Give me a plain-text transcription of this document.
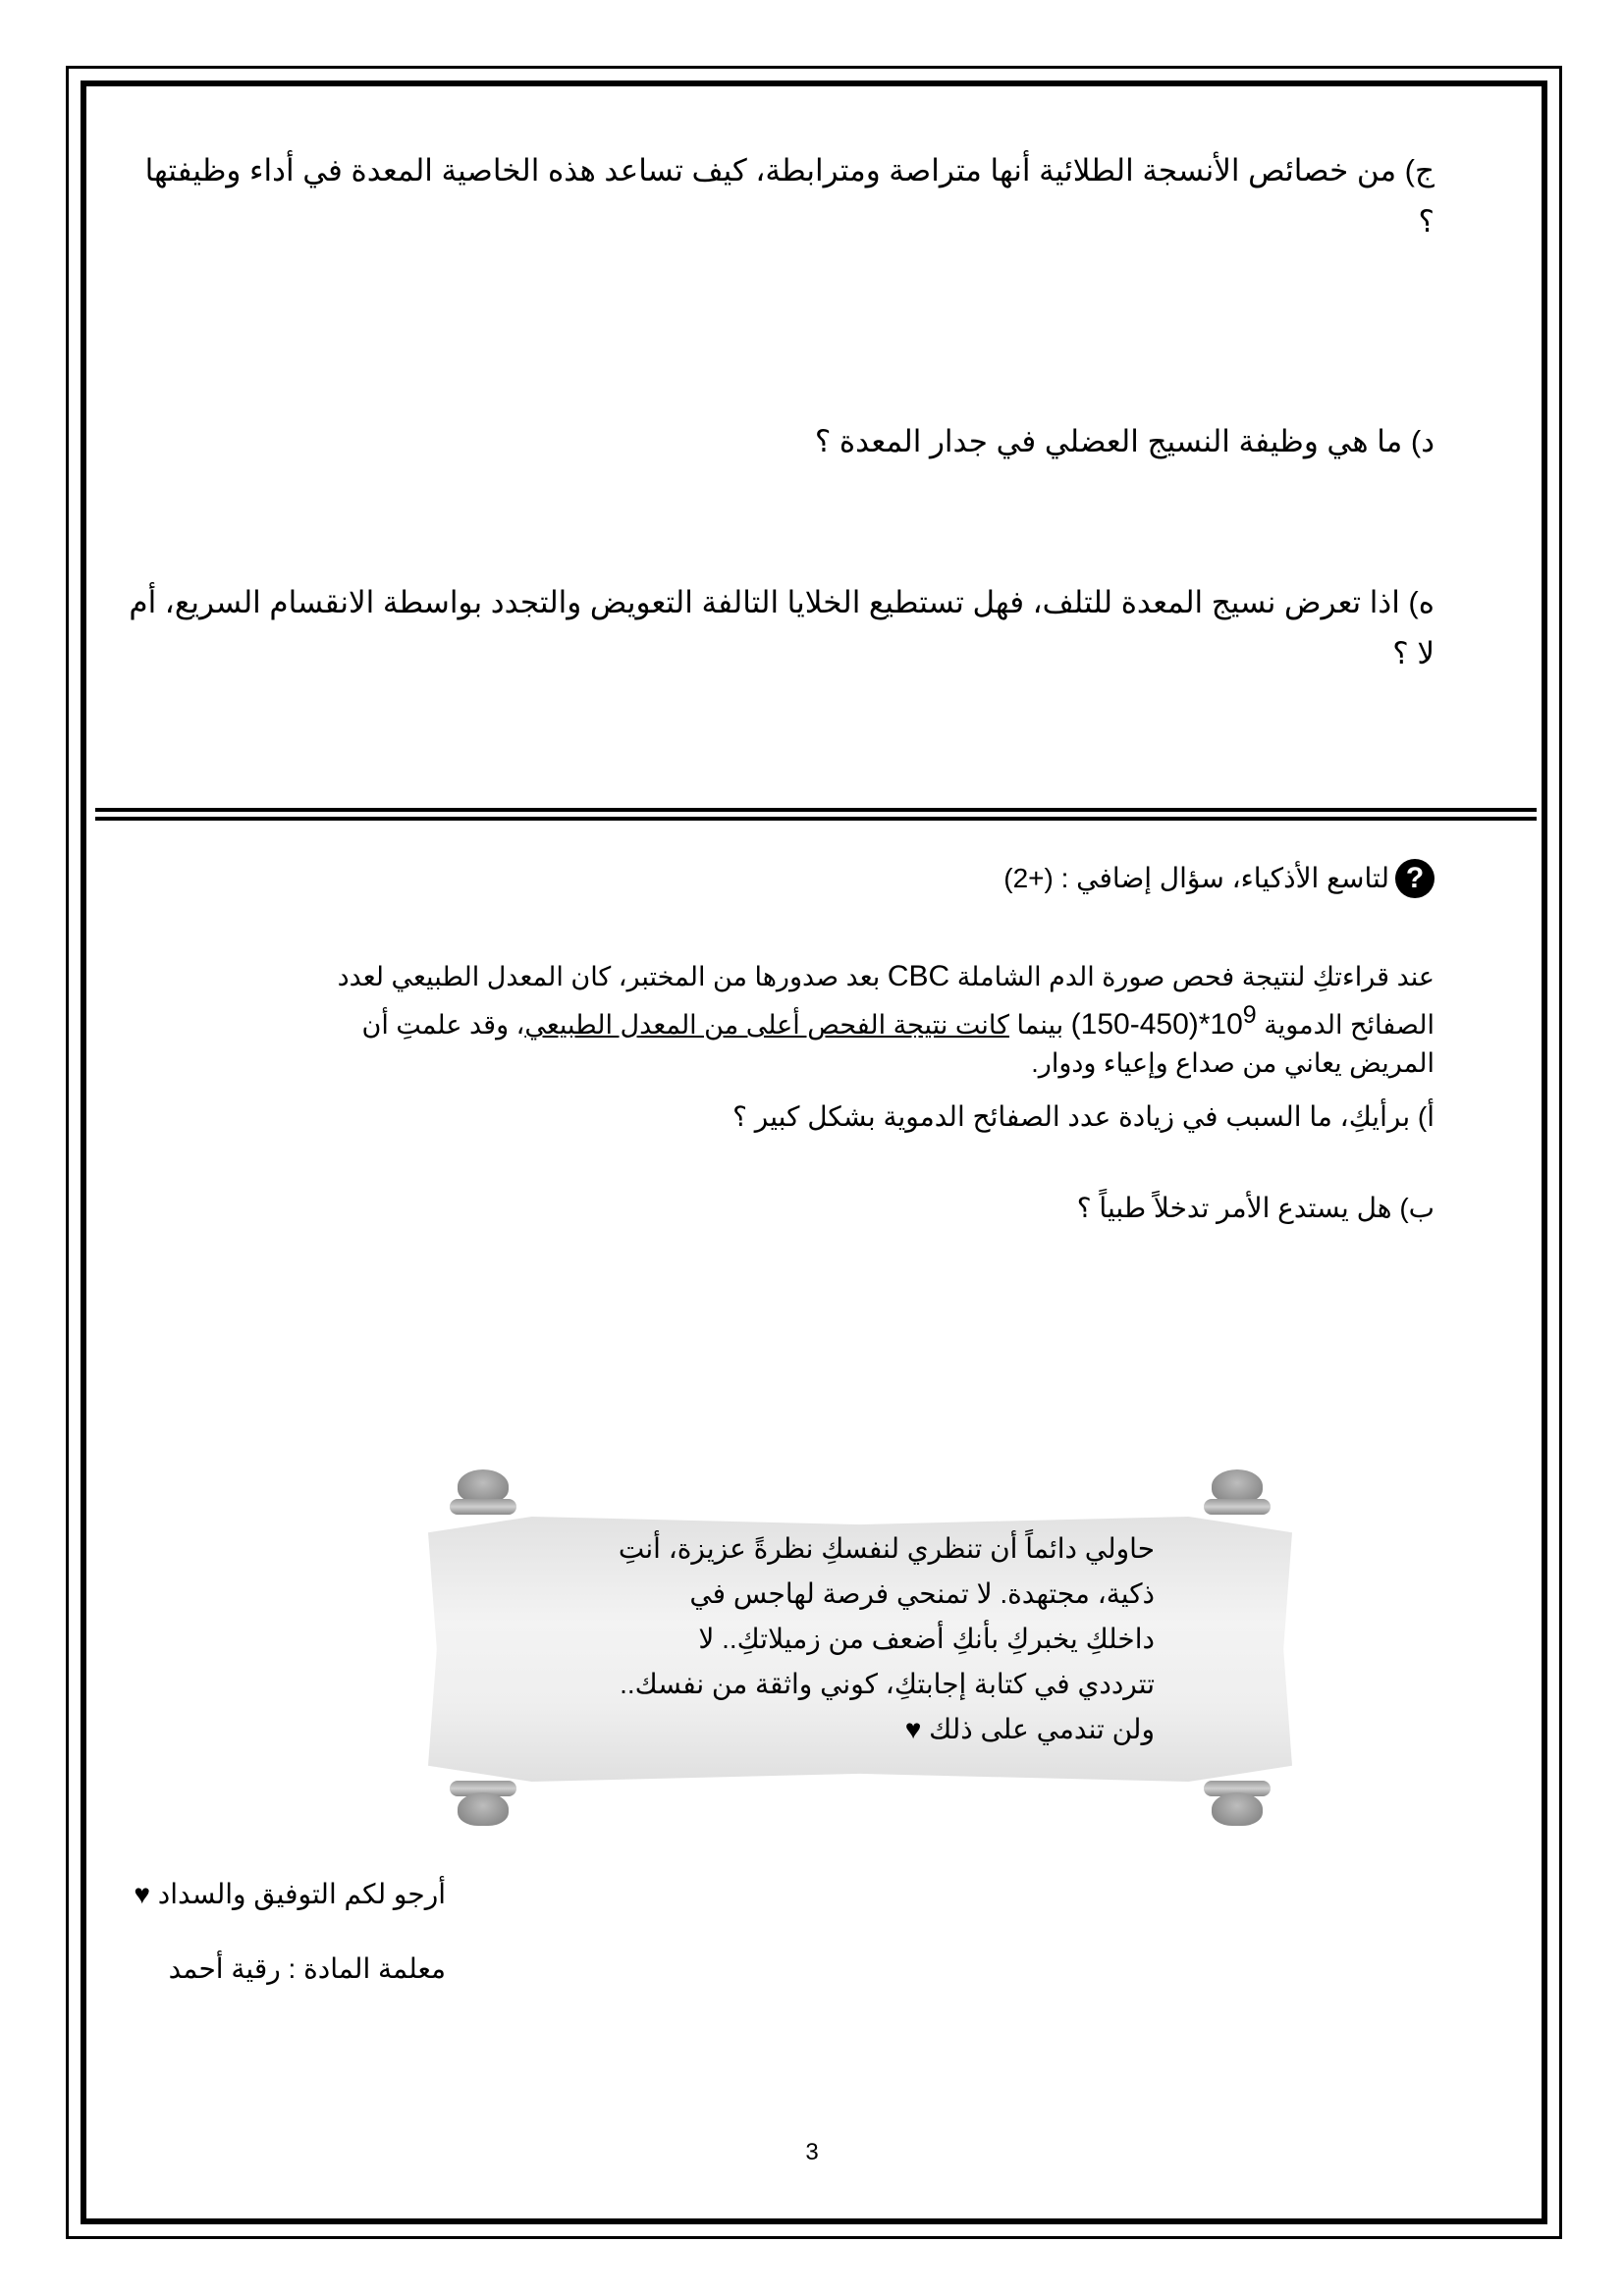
ج) من خصائص الأنسجة الطلائية أنها متراصة ومترابطة، كيف تساعد هذه الخاصية المعدة في أداء وظيفتها ؟
د) ما هي وظيفة النسيج العضلي في جدار المعدة ؟
ه) اذا تعرض نسيج المعدة للتلف، فهل تستطيع الخلايا التالفة التعويض والتجدد بواسطة الانقسام السريع، أم لا ؟
?
لتاسع الأذكياء، سؤال إضافي : (+2)
عند قراءتكِ لنتيجة فحص صورة الدم الشاملة CBC بعد صدورها من المختبر، كان المعدل الطبيعي لعدد
الصفائح الدموية $(150-450)*10^9$ بينما كانت نتيجة الفحص أعلى من المعدل الطبيعي، وقد علمتِ أن
المريض يعاني من صداع وإعياء ودوار.
أ) برأيكِ، ما السبب في زيادة عدد الصفائح الدموية بشكل كبير ؟
ب) هل يستدع الأمر تدخلاً طبياً ؟
حاولي دائماً أن تنظري لنفسكِ نظرةً عزيزة، أنتِ
ذكية، مجتهدة. لا تمنحي فرصة لهاجس في
داخلكِ يخبركِ بأنكِ أضعف من زميلاتكِ.. لا
تترددي في كتابة إجابتكِ، كوني واثقة من نفسك..
ولن تندمي على ذلك ♥
أرجو لكم التوفيق والسداد ♥
معلمة المادة : رقية أحمد
3
